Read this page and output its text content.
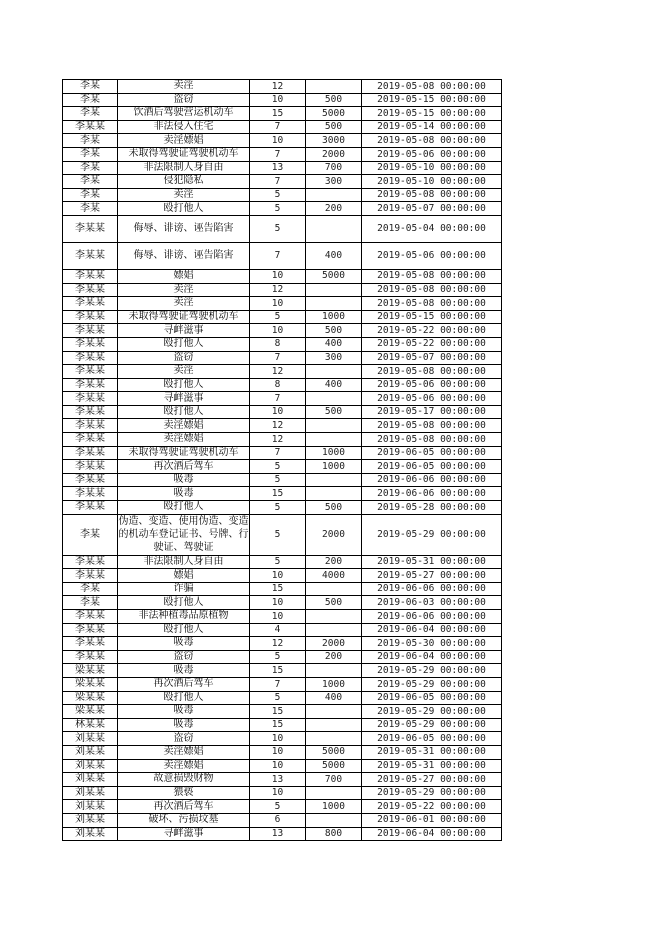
李某	卖淫	12		2019-05-08 00:00:00
李某	盗窃	10	500	2019-05-15 00:00:00
李某	饮酒后驾驶营运机动车	15	5000	2019-05-15 00:00:00
李某某	非法侵入住宅	7	500	2019-05-14 00:00:00
李某	卖淫嫖娼	10	3000	2019-05-08 00:00:00
李某	未取得驾驶证驾驶机动车	7	2000	2019-05-06 00:00:00
李某	非法限制人身自由	13	700	2019-05-10 00:00:00
李某	侵犯隐私	7	300	2019-05-10 00:00:00
李某	卖淫	5		2019-05-08 00:00:00
李某	殴打他人	5	200	2019-05-07 00:00:00
李某某	侮辱、诽谤、诬告陷害	5		2019-05-04 00:00:00
李某某	侮辱、诽谤、诬告陷害	7	400	2019-05-06 00:00:00
李某某	嫖娼	10	5000	2019-05-08 00:00:00
李某某	卖淫	12		2019-05-08 00:00:00
李某某	卖淫	10		2019-05-08 00:00:00
李某某	未取得驾驶证驾驶机动车	5	1000	2019-05-15 00:00:00
李某某	寻衅滋事	10	500	2019-05-22 00:00:00
李某某	殴打他人	8	400	2019-05-22 00:00:00
李某某	盗窃	7	300	2019-05-07 00:00:00
李某某	卖淫	12		2019-05-08 00:00:00
李某某	殴打他人	8	400	2019-05-06 00:00:00
李某某	寻衅滋事	7		2019-05-06 00:00:00
李某某	殴打他人	10	500	2019-05-17 00:00:00
李某某	卖淫嫖娼	12		2019-05-08 00:00:00
李某某	卖淫嫖娼	12		2019-05-08 00:00:00
李某某	未取得驾驶证驾驶机动车	7	1000	2019-06-05 00:00:00
李某某	再次酒后驾车	5	1000	2019-06-05 00:00:00
李某某	吸毒	5		2019-06-06 00:00:00
李某某	吸毒	15		2019-06-06 00:00:00
李某某	殴打他人	5	500	2019-05-28 00:00:00
李某	伪造、变造、使用伪造、变造的机动车登记证书、号牌、行驶证、驾驶证	5	2000	2019-05-29 00:00:00
李某某	非法限制人身自由	5	200	2019-05-31 00:00:00
李某某	嫖娼	10	4000	2019-05-27 00:00:00
李某	诈骗	15		2019-06-06 00:00:00
李某	殴打他人	10	500	2019-06-03 00:00:00
李某某	非法种植毒品原植物	10		2019-06-06 00:00:00
李某某	殴打他人	4		2019-06-04 00:00:00
李某某	吸毒	12	2000	2019-05-30 00:00:00
李某某	盗窃	5	200	2019-06-04 00:00:00
梁某某	吸毒	15		2019-05-29 00:00:00
梁某某	再次酒后驾车	7	1000	2019-05-29 00:00:00
梁某某	殴打他人	5	400	2019-06-05 00:00:00
梁某某	吸毒	15		2019-05-29 00:00:00
林某某	吸毒	15		2019-05-29 00:00:00
刘某某	盗窃	10		2019-06-05 00:00:00
刘某某	卖淫嫖娼	10	5000	2019-05-31 00:00:00
刘某某	卖淫嫖娼	10	5000	2019-05-31 00:00:00
刘某某	故意损毁财物	13	700	2019-05-27 00:00:00
刘某某	猥亵	10		2019-05-29 00:00:00
刘某某	再次酒后驾车	5	1000	2019-05-22 00:00:00
刘某某	破坏、污损坟墓	6		2019-06-01 00:00:00
刘某某	寻衅滋事	13	800	2019-06-04 00:00:00
